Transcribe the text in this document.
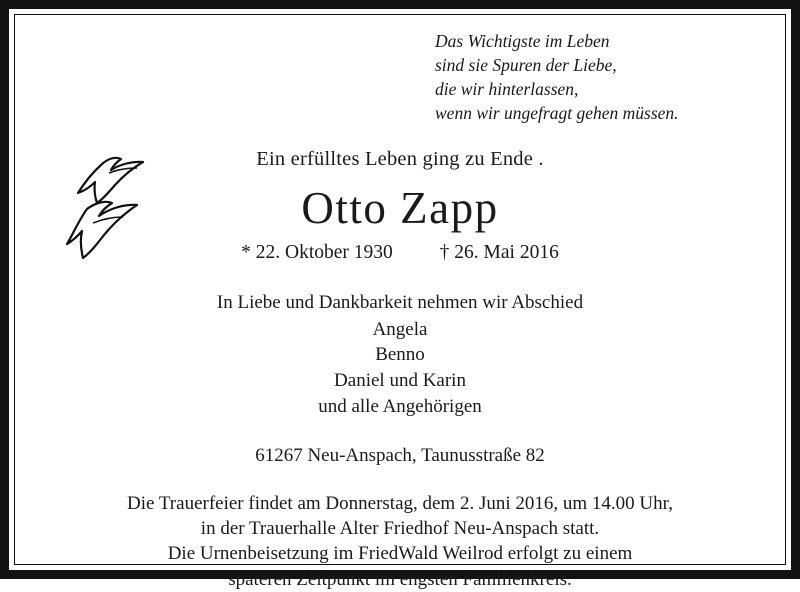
Das Wichtigste im Leben
sind sie Spuren der Liebe,
die wir hinterlassen,
wenn wir ungefragt gehen müssen.
Ein erfülltes Leben ging zu Ende .
Otto Zapp
* 22. Oktober 1930 † 26. Mai 2016
In Liebe und Dankbarkeit nehmen wir Abschied
Angela
Benno
Daniel und Karin
und alle Angehörigen
61267 Neu-Anspach, Taunusstraße 82
Die Trauerfeier findet am Donnerstag, dem 2. Juni 2016, um 14.00 Uhr,
in der Trauerhalle Alter Friedhof Neu-Anspach statt.
Die Urnenbeisetzung im FriedWald Weilrod erfolgt zu einem
späteren Zeitpunkt im engsten Familienkreis.
